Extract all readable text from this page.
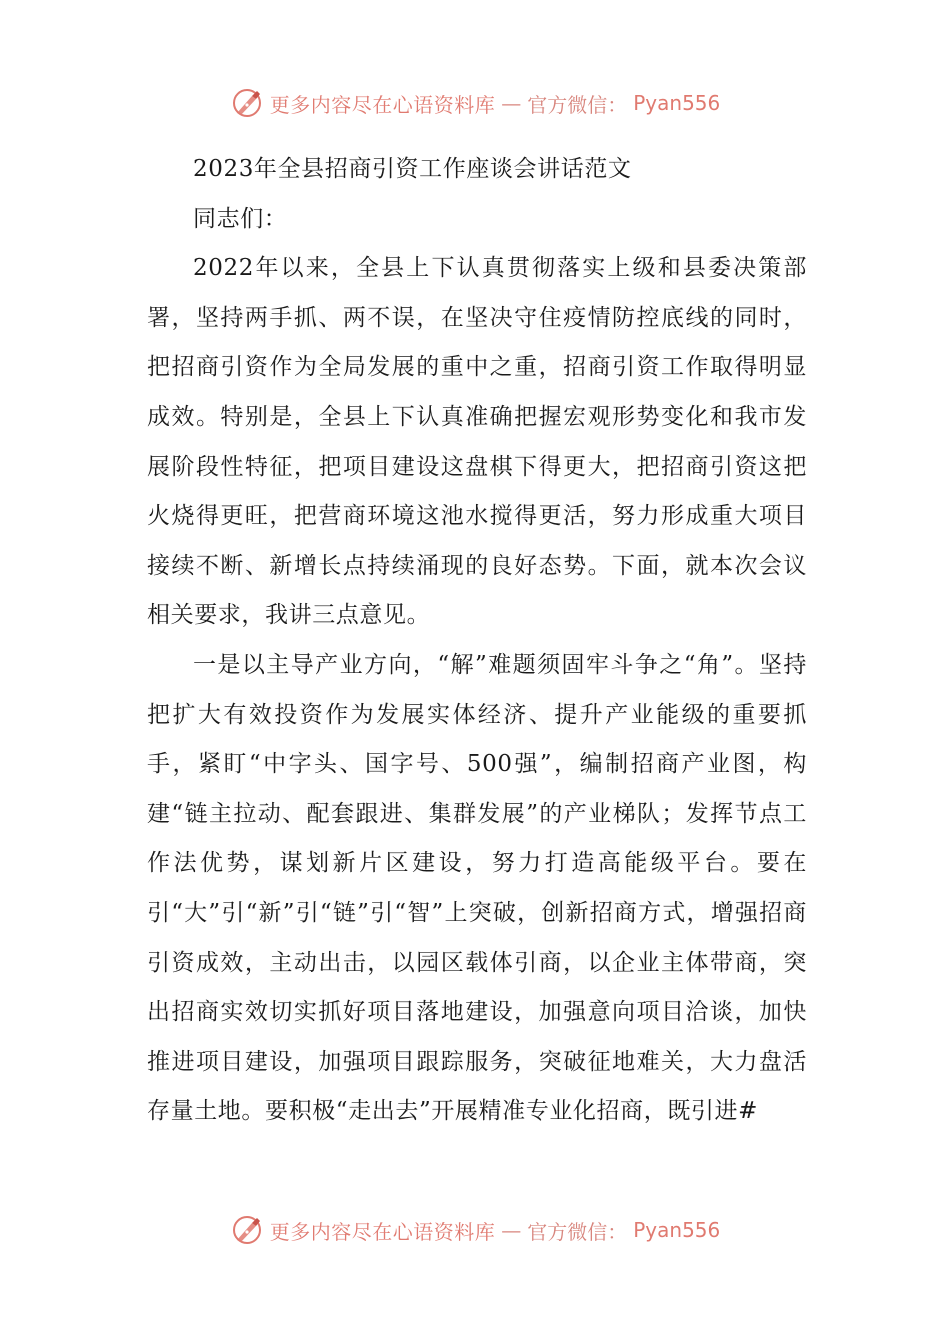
更多内容尽在心语资料库 — 官方微信： Pyan556

2023年全县招商引资工作座谈会讲话范文

同志们：

2022年以来，全县上下认真贯彻落实上级和县委决策部署，坚持两手抓、两不误，在坚决守住疫情防控底线的同时，把招商引资作为全局发展的重中之重，招商引资工作取得明显成效。特别是，全县上下认真准确把握宏观形势变化和我市发展阶段性特征，把项目建设这盘棋下得更大，把招商引资这把火烧得更旺，把营商环境这池水搅得更活，努力形成重大项目接续不断、新增长点持续涌现的良好态势。下面，就本次会议相关要求，我讲三点意见。

一是以主导产业方向，“解”难题须固牢斗争之“角”。坚持把扩大有效投资作为发展实体经济、提升产业能级的重要抓手，紧盯“中字头、国字号、500强”，编制招商产业图，构建“链主拉动、配套跟进、集群发展”的产业梯队；发挥节点工作法优势，谋划新片区建设，努力打造高能级平台。要在引“大”引“新”引“链”引“智”上突破，创新招商方式，增强招商引资成效，主动出击，以园区载体引商，以企业主体带商，突出招商实效切实抓好项目落地建设，加强意向项目洽谈，加快推进项目建设，加强项目跟踪服务，突破征地难关，大力盘活存量土地。要积极“走出去”开展精准专业化招商，既引进#

更多内容尽在心语资料库 — 官方微信： Pyan556
